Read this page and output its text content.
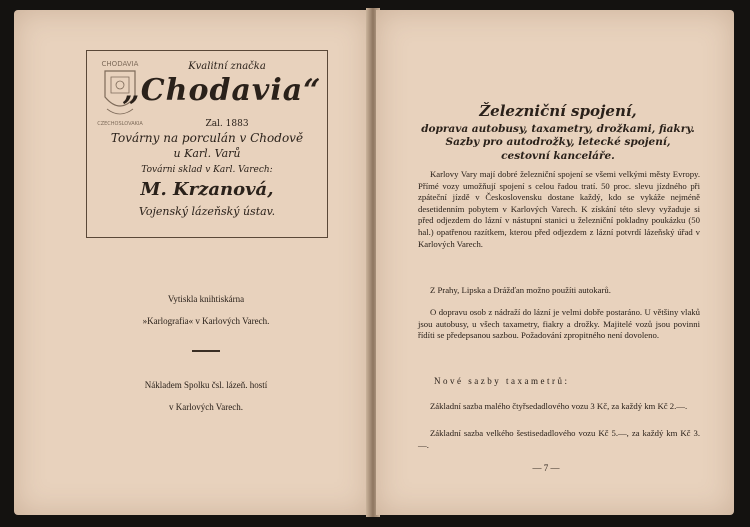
CHODAVIA
CZECHOSLOVAKIA
Kvalitní značka
„Chodavia“
Zal. 1883
Továrny na porculán v Chodově
u Karl. Varů
Továrni sklad v Karl. Varech:
M. Krzanová,
Vojenský lázeňský ústav.
Vytiskla knihtiskárna
»Karlografia« v Karlových Varech.
Nákladem Spolku čsl. lázeň. hostí
v Karlových Varech.
Železniční spojení,
doprava autobusy, taxametry, drožkami, fiakry.
Sazby pro autodrožky, letecké spojení,
cestovní kanceláře.
Karlovy Vary mají dobré železniční spojení se všemi velkými městy Evropy. Přímé vozy umožňují spojení s celou řadou tratí. 50 proc. slevu jízdného při zpáteční jízdě v Československu dostane každý, kdo se vykáže nejméně desetidenním pobytem v Karlových Varech. K získání této slevy vyžaduje si před odjezdem do lázní v nástupní stanici u železniční pokladny poukázku (50 hal.) opatřenou razítkem, kterou před odjezdem z lázní potvrdí lázeňský úřad v Karlových Varech.
Z Prahy, Lipska a Drážďan možno použíti autokarů.
O dopravu osob z nádraží do lázní je velmi dobře postaráno. U většiny vlaků jsou autobusy, u všech taxametry, fiakry a drožky. Majitelé vozů jsou povinni řídíti se předepsanou sazbou. Požadování zpropitného není dovoleno.
Nové sazby taxametrů:
Základní sazba malého čtyřsedadlového vozu 3 Kč, za každý km Kč 2.—.
Základní sazba velkého šestisedadlového vozu Kč 5.—, za každý km Kč 3.—.
— 7 —
